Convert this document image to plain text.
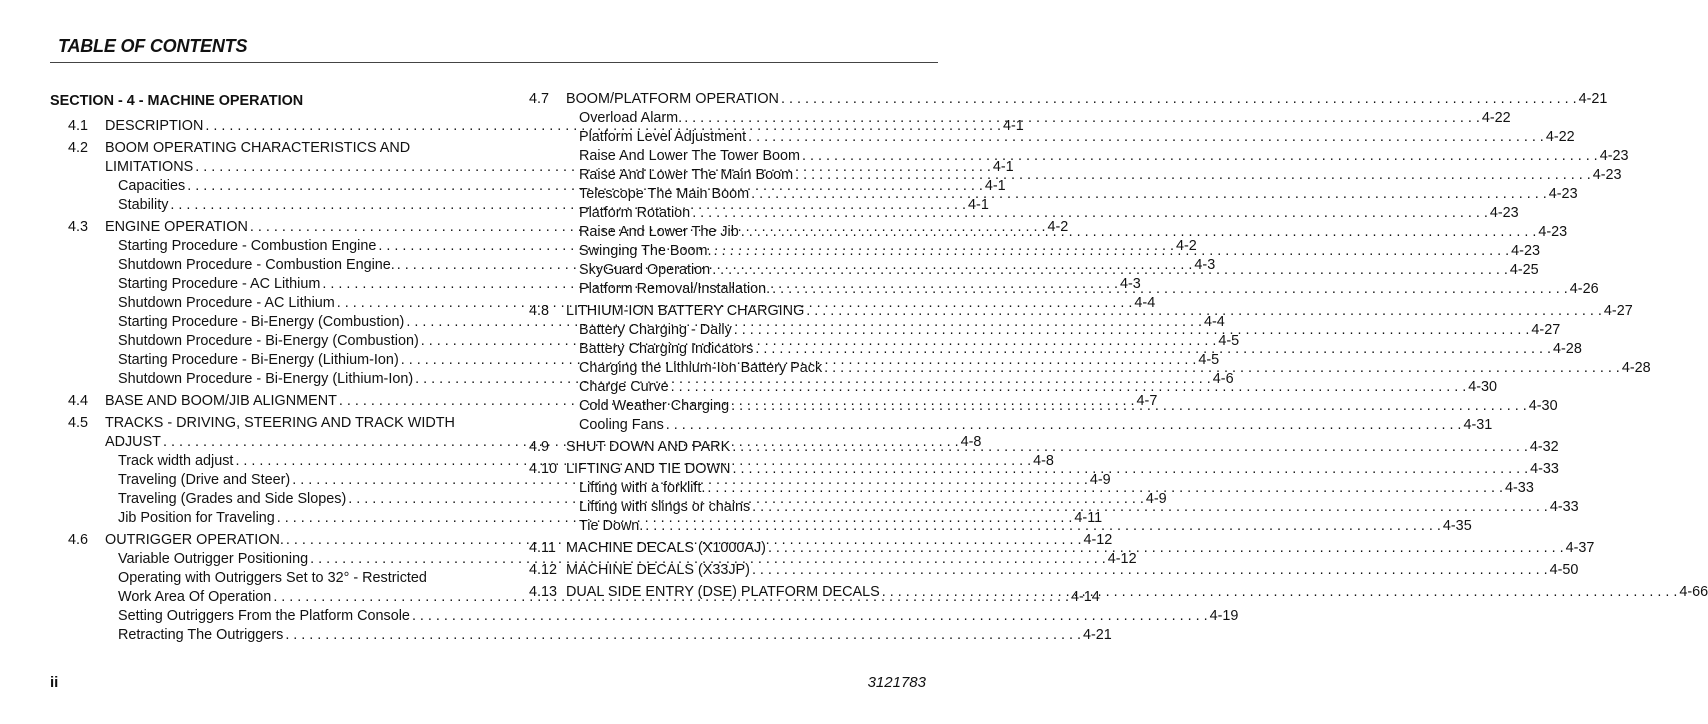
TABLE OF CONTENTS
SECTION - 4 - MACHINE OPERATION
4.1	DESCRIPTION . . .	4-1
4.2	BOOM OPERATING CHARACTERISTICS AND
LIMITATIONS . . .	4-1
Capacities . . .	4-1
Stability . . .	4-1
4.3	ENGINE OPERATION . . .	4-2
Starting Procedure - Combustion Engine . . .	4-2
Shutdown Procedure - Combustion Engine. . . .	4-3
Starting Procedure - AC Lithium . . .	4-3
Shutdown Procedure - AC Lithium . . .	4-4
Starting Procedure - Bi-Energy (Combustion) . . .	4-4
Shutdown Procedure - Bi-Energy (Combustion) . . .	4-5
Starting Procedure - Bi-Energy (Lithium-Ion) . . .	4-5
Shutdown Procedure - Bi-Energy (Lithium-Ion) . . .	4-6
4.4	BASE AND BOOM/JIB ALIGNMENT . . .	4-7
4.5	TRACKS - DRIVING, STEERING AND TRACK WIDTH
ADJUST . . .	4-8
Track width adjust . . .	4-8
Traveling (Drive and Steer) . . .	4-9
Traveling (Grades and Side Slopes) . . .	4-9
Jib Position for Traveling . . .	4-11
4.6	OUTRIGGER OPERATION. . . .	4-12
Variable Outrigger Positioning . . .	4-12
Operating with Outriggers Set to 32° - Restricted
Work Area Of Operation . . .	4-14
Setting Outriggers From the Platform Console . . .	4-19
Retracting The Outriggers . . .	4-21
4.7	BOOM/PLATFORM OPERATION . . .	4-21
Overload Alarm. . . .	4-22
Platform Level Adjustment . . .	4-22
Raise And Lower The Tower Boom . . .	4-23
Raise And Lower The Main Boom . . .	4-23
Telescope The Main Boom . . .	4-23
Platform Rotation . . .	4-23
Raise And Lower The Jib . . .	4-23
Swinging The Boom. . . .	4-23
SkyGuard Operation . . .	4-25
Platform Removal/Installation. . . .	4-26
4.8	LITHIUM-ION BATTERY CHARGING . . .	4-27
Battery Charging - Daily . . .	4-27
Battery Charging Indicators . . .	4-28
Charging the Lithium-Ion Battery Pack . . .	4-28
Charge Curve . . .	4-30
Cold Weather Charging . . .	4-30
Cooling Fans . . .	4-31
4.9	SHUT DOWN AND PARK . . .	4-32
4.10 LIFTING AND TIE DOWN . . .	4-33
Lifting with a forklift. . . .	4-33
Lifting with slings or chains . . .	4-33
Tie Down. . . .	4-35
4.11 MACHINE DECALS (X1000AJ) . . .	4-37
4.12 MACHINE DECALS (X33JP) . . .	4-50
4.13 DUAL SIDE ENTRY (DSE) PLATFORM DECALS . . .	4-66
ii	3121783
